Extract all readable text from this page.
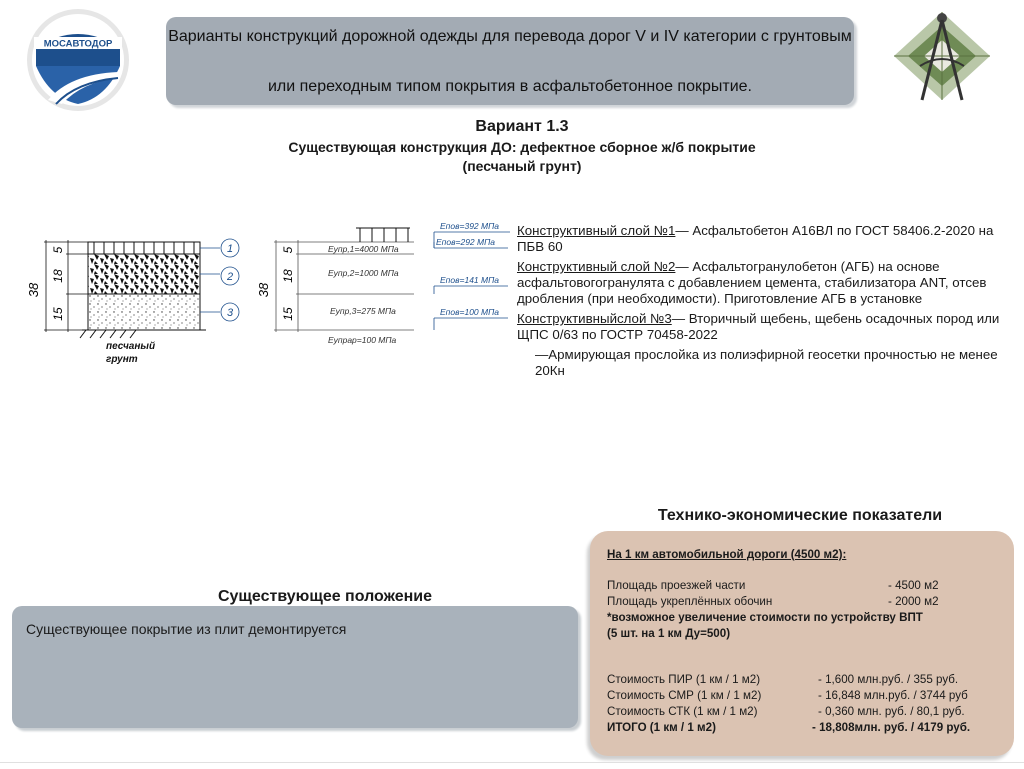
МОСАВТОДОР	Варианты конструкций дорожной одежды для перевода дорог V и IV категории с грунтовым

или переходным типом покрытия в асфальтобетонное покрытие.

Вариант 1.3
Существующая конструкция ДО: дефектное сборное ж/б покрытие
(песчаный грунт)
песчаный
грунт
38
5
18
15
1
2
3
38
5
18
15
Eупр,1=4000 МПа
Eупр,2=1000 МПа
Eупр,3=275 МПа
Eупрар=100 МПа
Eпов=392 МПа
Eпов=292 МПа
Eпов=141 МПа
Eпов=100 МПа

Конструктивный слой №1— Асфальтобетон А16ВЛ по ГОСТ 58406.2-2020 на ПБВ 60

Конструктивный слой №2— Асфальтогранулобетон (АГБ) на основе асфальтовогогранулята с добавлением цемента, стабилизатора ANT, отсев дробления (при необходимости). Приготовление АГБ в установке

Конструктивныйслой №3— Вторичный щебень, щебень осадочных пород или ЩПС 0/63 по ГОСТР 70458-2022

—Армирующая прослойка из полиэфирной геосетки прочностью не менее 20Кн

Технико-экономические показатели
На 1 км автомобильной дороги (4500 м2):
Площадь проезжей части	- 4500 м2
Площадь укреплённых обочин	- 2000 м2
*возможное увеличение стоимости по устройству ВПТ
(5 шт. на 1 км Ду=500)
Стоимость ПИР (1 км / 1 м2)	- 1,600 млн.руб. / 355 руб.
Стоимость СМР (1 км / 1 м2)	- 16,848 млн.руб. / 3744 руб
Стоимость СТК (1 км / 1 м2)	- 0,360 млн. руб. / 80,1 руб.
ИТОГО (1 км / 1 м2)	- 18,808млн. руб. / 4179 руб.
Существующее положение
Существующее покрытие из плит демонтируется
